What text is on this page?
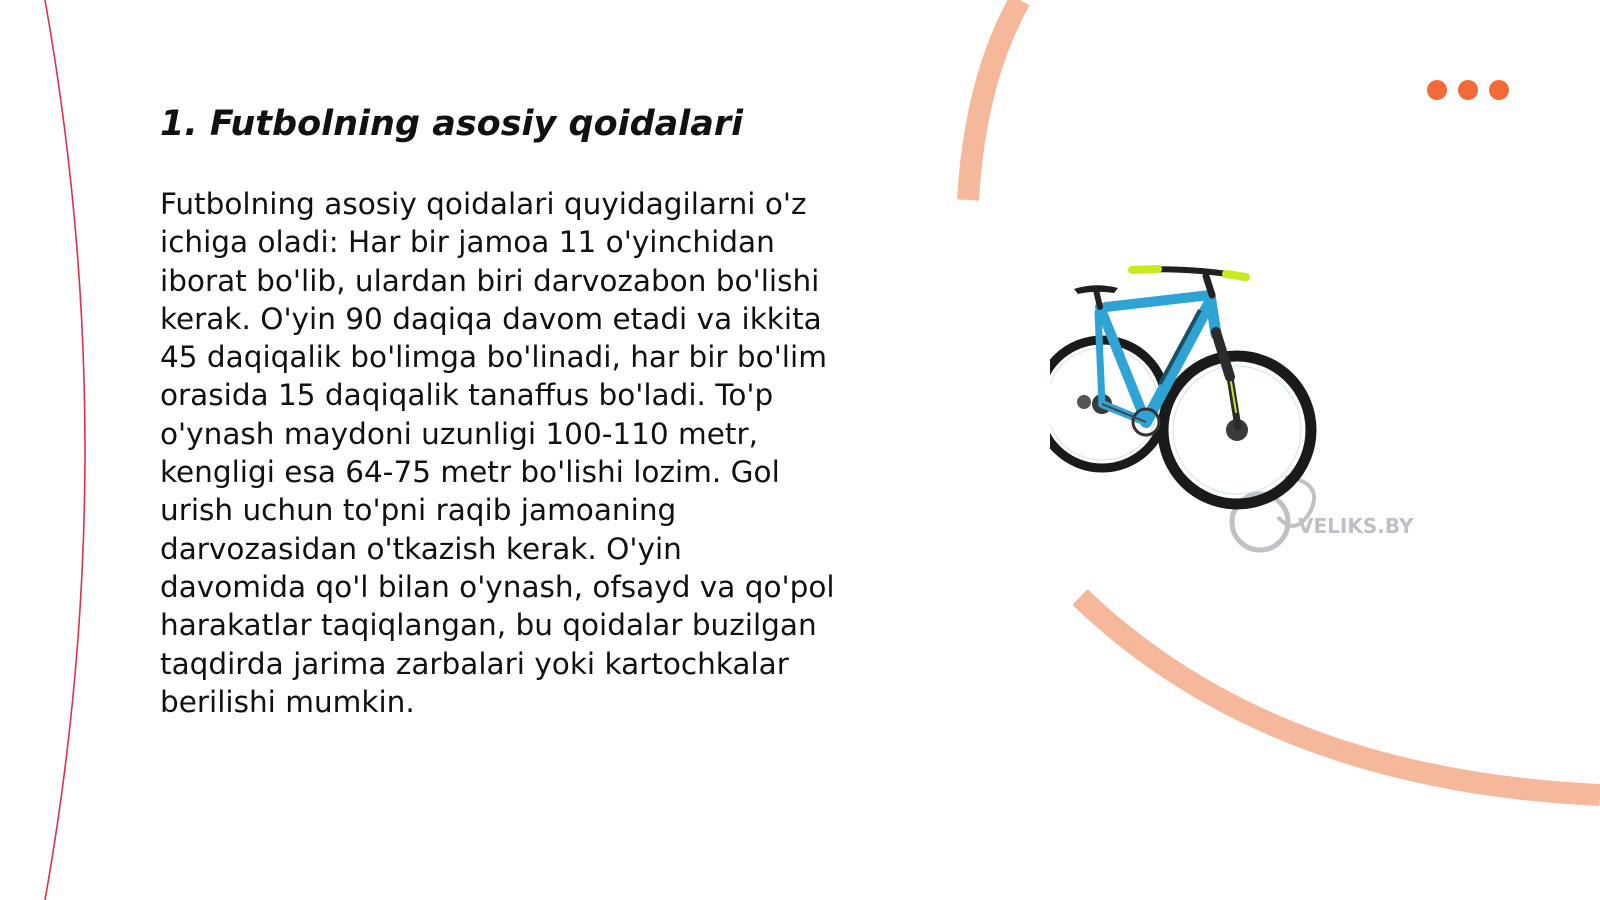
1. Futbolning asosiy qoidalari

Futbolning asosiy qoidalari quyidagilarni o'z
ichiga oladi: Har bir jamoa 11 o'yinchidan
iborat bo'lib, ulardan biri darvozabon bo'lishi
kerak. O'yin 90 daqiqa davom etadi va ikkita
45 daqiqalik bo'limga bo'linadi, har bir bo'lim
orasida 15 daqiqalik tanaffus bo'ladi. To'p
o'ynash maydoni uzunligi 100-110 metr,
kengligi esa 64-75 metr bo'lishi lozim. Gol
urish uchun to'pni raqib jamoaning
darvozasidan o'tkazish kerak. O'yin
davomida qo'l bilan o'ynash, ofsayd va qo'pol
harakatlar taqiqlangan, bu qoidalar buzilgan
taqdirda jarima zarbalari yoki kartochkalar
berilishi mumkin.

VELIKS.BY
